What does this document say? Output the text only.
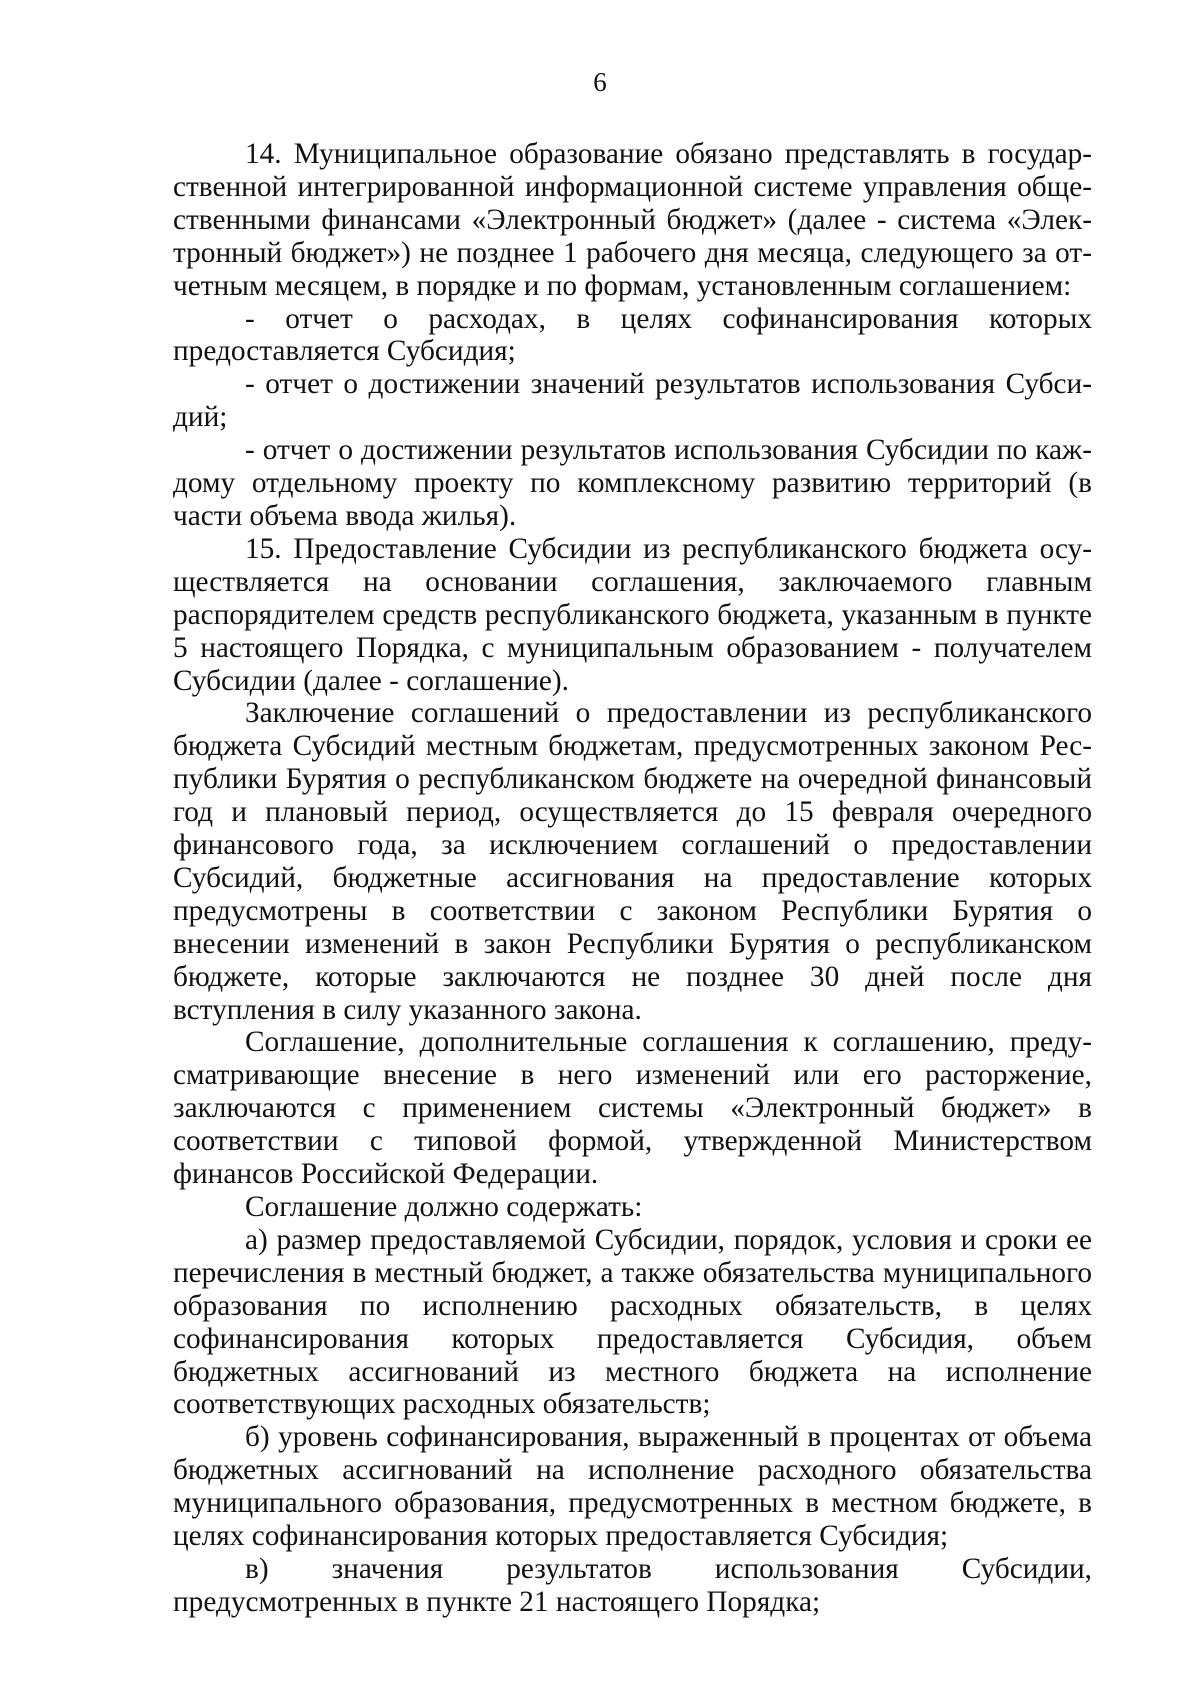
6

14. Муниципальное образование обязано представлять в государственной интегрированной информационной системе управления общественными финансами «Электронный бюджет» (далее - система «Электронный бюджет») не позднее 1 рабочего дня месяца, следующего за отчетным месяцем, в порядке и по формам, установленным соглашением:

- отчет о расходах, в целях софинансирования которых предоставляется Субсидия;

- отчет о достижении значений результатов использования Субсидий;

- отчет о достижении результатов использования Субсидии по каждому отдельному проекту по комплексному развитию территорий (в части объема ввода жилья).

15. Предоставление Субсидии из республиканского бюджета осуществляется на основании соглашения, заключаемого главным распорядителем средств республиканского бюджета, указанным в пункте 5 настоящего Порядка, с муниципальным образованием - получателем Субсидии (далее - соглашение).

Заключение соглашений о предоставлении из республиканского бюджета Субсидий местным бюджетам, предусмотренных законом Республики Бурятия о республиканском бюджете на очередной финансовый год и плановый период, осуществляется до 15 февраля очередного финансового года, за исключением соглашений о предоставлении Субсидий, бюджетные ассигнования на предоставление которых предусмотрены в соответствии с законом Республики Бурятия о внесении изменений в закон Республики Бурятия о республиканском бюджете, которые заключаются не позднее 30 дней после дня вступления в силу указанного закона.

Соглашение, дополнительные соглашения к соглашению, предусматривающие внесение в него изменений или его расторжение, заключаются с применением системы «Электронный бюджет» в соответствии с типовой формой, утвержденной Министерством финансов Российской Федерации.

Соглашение должно содержать:

а) размер предоставляемой Субсидии, порядок, условия и сроки ее перечисления в местный бюджет, а также обязательства муниципального образования по исполнению расходных обязательств, в целях софинансирования которых предоставляется Субсидия, объем бюджетных ассигнований из местного бюджета на исполнение соответствующих расходных обязательств;

б) уровень софинансирования, выраженный в процентах от объема бюджетных ассигнований на исполнение расходного обязательства муниципального образования, предусмотренных в местном бюджете, в целях софинансирования которых предоставляется Субсидия;

в) значения результатов использования Субсидии, предусмотренных в пункте 21 настоящего Порядка;
